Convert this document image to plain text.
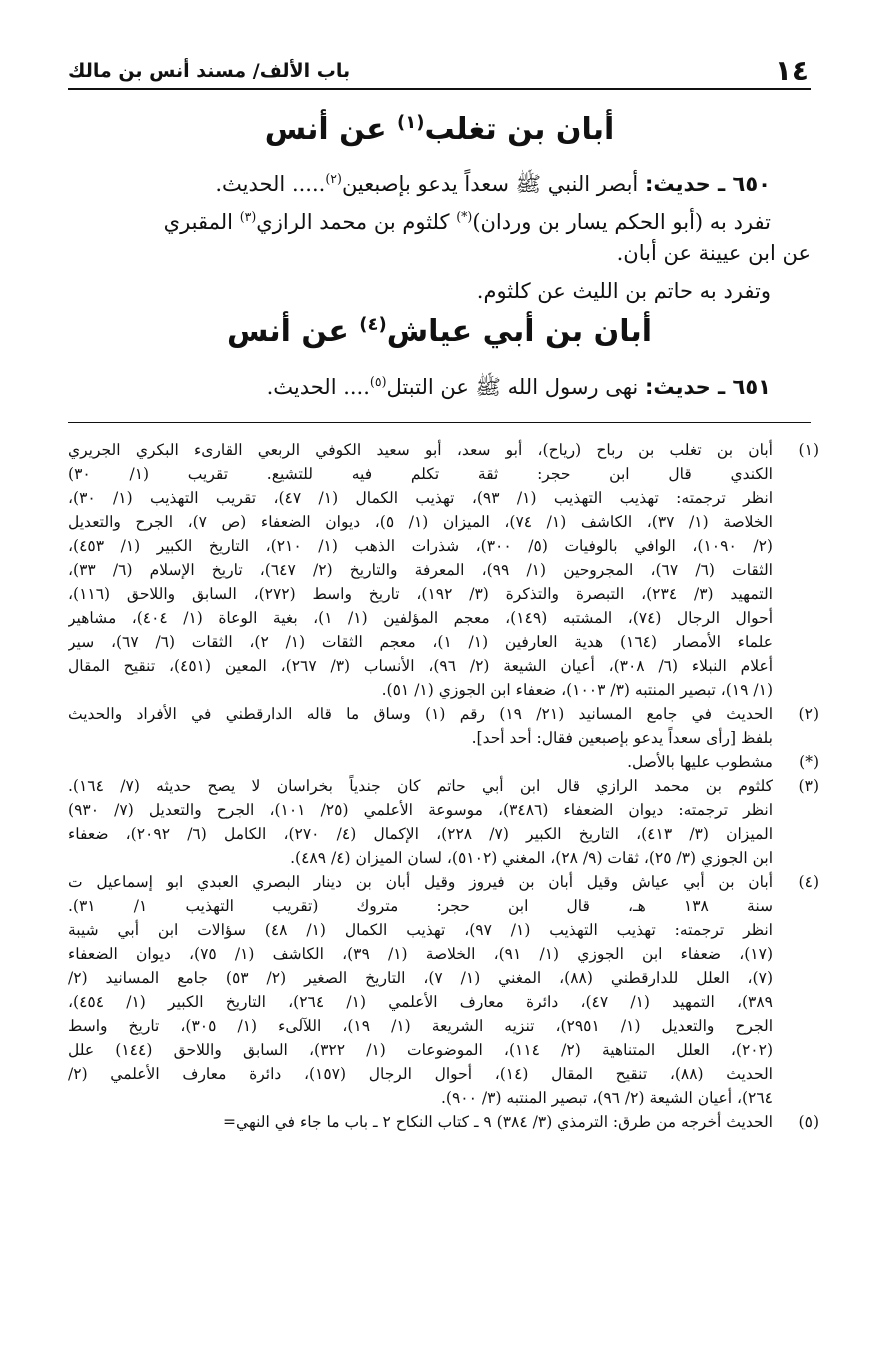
١٤
باب الألف/ مسند أنس بن مالك
أبان بن تغلب$^{(١)}$ عن أنس
٦٥٠ ـ حديث: أبصر النبي ﷺ سعداً يدعو بإصبعين$^{(٢)}$..... الحديث.
تفرد به (أبو الحكم يسار بن وردان)(*) كلثوم بن محمد الرازي$^{(٣)}$ المقبري
عن ابن عيينة عن أبان.
وتفرد به حاتم بن الليث عن كلثوم.
أبان بن أبي عياش$^{(٤)}$ عن أنس
٦٥١ ـ حديث: نهى رسول الله ﷺ عن التبتل$^{(٥)}$.... الحديث.
(١)
أبان بن تغلب بن رباح (رياح)، أبو سعد، أبو سعيد الكوفي الربعي القارىء البكري الجريري
الكندي قال ابن حجر: ثقة تكلم فيه للتشيع. تقريب (١/ ٣٠)
انظر ترجمته: تهذيب التهذيب (١/ ٩٣)، تهذيب الكمال (١/ ٤٧)، تقريب التهذيب (١/ ٣٠)،
الخلاصة (١/ ٣٧)، الكاشف (١/ ٧٤)، الميزان (١/ ٥)، ديوان الضعفاء (ص ٧)، الجرح والتعديل
(٢/ ١٠٩٠)، الوافي بالوفيات (٥/ ٣٠٠)، شذرات الذهب (١/ ٢١٠)، التاريخ الكبير (١/ ٤٥٣)،
الثقات (٦/ ٦٧)، المجروحين (١/ ٩٩)، المعرفة والتاريخ (٢/ ٦٤٧)، تاريخ الإسلام (٦/ ٣٣)،
التمهيد (٣/ ٢٣٤)، التبصرة والتذكرة (٣/ ١٩٢)، تاريخ واسط (٢٧٢)، السابق واللاحق (١١٦)،
أحوال الرجال (٧٤)، المشتبه (١٤٩)، معجم المؤلفين (١/ ١)، بغية الوعاة (١/ ٤٠٤)، مشاهير
علماء الأمصار (١٦٤) هدية العارفين (١/ ١)، معجم الثقات (١/ ٢)، الثقات (٦/ ٦٧)، سير
أعلام النبلاء (٦/ ٣٠٨)، أعيان الشيعة (٢/ ٩٦)، الأنساب (٣/ ٢٦٧)، المعين (٤٥١)، تنقيح المقال
(١/ ١٩)، تبصير المنتبه (٣/ ١٠٠٣)، ضعفاء ابن الجوزي (١/ ٥١).
(٢)
الحديث في جامع المسانيد (٢١/ ١٩) رقم (١) وساق ما قاله الدارقطني في الأفراد والحديث
بلفظ [رأى سعداً يدعو بإصبعين فقال: أحد أحد].
(*)
مشطوب عليها بالأصل.
(٣)
كلثوم بن محمد الرازي قال ابن أبي حاتم كان جندياً بخراسان لا يصح حديثه (٧/ ١٦٤).
انظر ترجمته: ديوان الضعفاء (٣٤٨٦)، موسوعة الأعلمي (٢٥/ ١٠١)، الجرح والتعديل (٧/ ٩٣٠)
الميزان (٣/ ٤١٣)، التاريخ الكبير (٧/ ٢٢٨)، الإكمال (٤/ ٢٧٠)، الكامل (٦/ ٢٠٩٢)، ضعفاء
ابن الجوزي (٣/ ٢٥)، ثقات (٩/ ٢٨)، المغني (٥١٠٢)، لسان الميزان (٤/ ٤٨٩).
(٤)
أبان بن أبي عياش وقيل أبان بن فيروز وقيل أبان بن دينار البصري العبدي ابو إسماعيل ت
سنة ١٣٨ هـ، قال ابن حجر: متروك (تقريب التهذيب ١/ ٣١).
انظر ترجمته: تهذيب التهذيب (١/ ٩٧)، تهذيب الكمال (١/ ٤٨) سؤالات ابن أبي شيبة
(١٧)، ضعفاء ابن الجوزي (١/ ٩١)، الخلاصة (١/ ٣٩)، الكاشف (١/ ٧٥)، ديوان الضعفاء
(٧)، العلل للدارقطني (٨٨)، المغني (١/ ٧)، التاريخ الصغير (٢/ ٥٣) جامع المسانيد (٢/
٣٨٩)، التمهيد (١/ ٤٧)، دائرة معارف الأعلمي (١/ ٢٦٤)، التاريخ الكبير (١/ ٤٥٤)،
الجرح والتعديل (١/ ٢٩٥١)، تنزيه الشريعة (١/ ١٩)، اللآلىء (١/ ٣٠٥)، تاريخ واسط
(٢٠٢)، العلل المتناهية (٢/ ١١٤)، الموضوعات (١/ ٣٢٢)، السابق واللاحق (١٤٤) علل
الحديث (٨٨)، تنقيح المقال (١٤)، أحوال الرجال (١٥٧)، دائرة معارف الأعلمي (٢/
٢٦٤)، أعيان الشيعة (٢/ ٩٦)، تبصير المنتبه (٣/ ٩٠٠).
(٥)
الحديث أخرجه من طرق: الترمذي (٣/ ٣٨٤) ٩ ـ كتاب النكاح ٢ ـ باب ما جاء في النهي=
